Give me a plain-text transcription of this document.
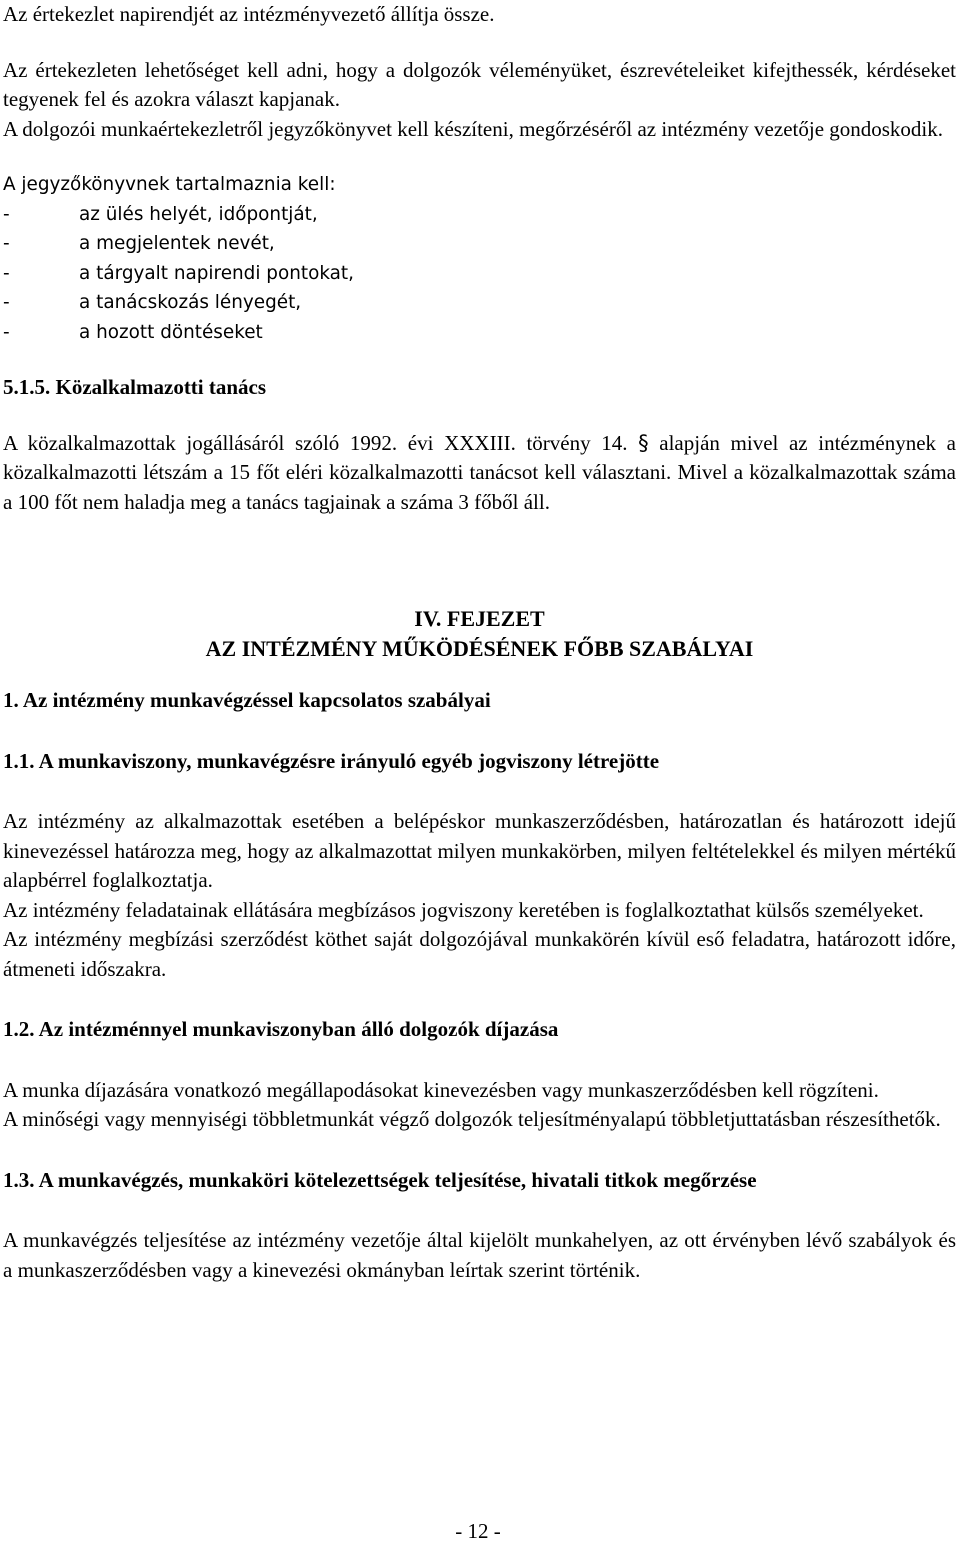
Az értekezlet napirendjét az intézményvezető állítja össze.

Az értekezleten lehetőséget kell adni, hogy a dolgozók véleményüket, észrevételeiket kifejthessék, kérdéseket tegyenek fel és azokra választ kapjanak.

A dolgozói munkaértekezletről jegyzőkönyvet kell készíteni, megőrzéséről az intézmény vezetője gondoskodik.

A jegyzőkönyvnek tartalmaznia kell:

-	az ülés helyét, időpontját,
-	a megjelentek nevét,
-	a tárgyalt napirendi pontokat,
-	a tanácskozás lényegét,
-	a hozott döntéseket

5.1.5. Közalkalmazotti tanács

A közalkalmazottak jogállásáról szóló 1992. évi XXXIII. törvény 14. § alapján mivel az intézménynek a közalkalmazotti létszám a 15 főt eléri közalkalmazotti tanácsot kell választani. Mivel a közalkalmazottak száma a 100 főt nem haladja meg a tanács tagjainak a száma 3 főből áll.

IV. FEJEZET

AZ INTÉZMÉNY MŰKÖDÉSÉNEK FŐBB SZABÁLYAI

1. Az intézmény munkavégzéssel kapcsolatos szabályai

1.1. A munkaviszony, munkavégzésre irányuló egyéb jogviszony létrejötte

Az intézmény az alkalmazottak esetében a belépéskor munkaszerződésben, határozatlan és határozott idejű kinevezéssel határozza meg, hogy az alkalmazottat milyen munkakörben, milyen feltételekkel és milyen mértékű alapbérrel foglalkoztatja.

Az intézmény feladatainak ellátására megbízásos jogviszony keretében is foglalkoztathat külsős személyeket.

Az intézmény megbízási szerződést köthet saját dolgozójával munkakörén kívül eső feladatra, határozott időre, átmeneti időszakra.

1.2. Az intézménnyel munkaviszonyban álló dolgozók díjazása

A munka díjazására vonatkozó megállapodásokat kinevezésben vagy munkaszerződésben kell rögzíteni.

A minőségi vagy mennyiségi többletmunkát végző dolgozók teljesítményalapú többletjuttatásban részesíthetők.

1.3. A munkavégzés, munkaköri kötelezettségek teljesítése, hivatali titkok megőrzése

A munkavégzés teljesítése az intézmény vezetője által kijelölt munkahelyen, az ott érvényben lévő szabályok és a munkaszerződésben vagy a kinevezési okmányban leírtak szerint történik.

- 12 -
